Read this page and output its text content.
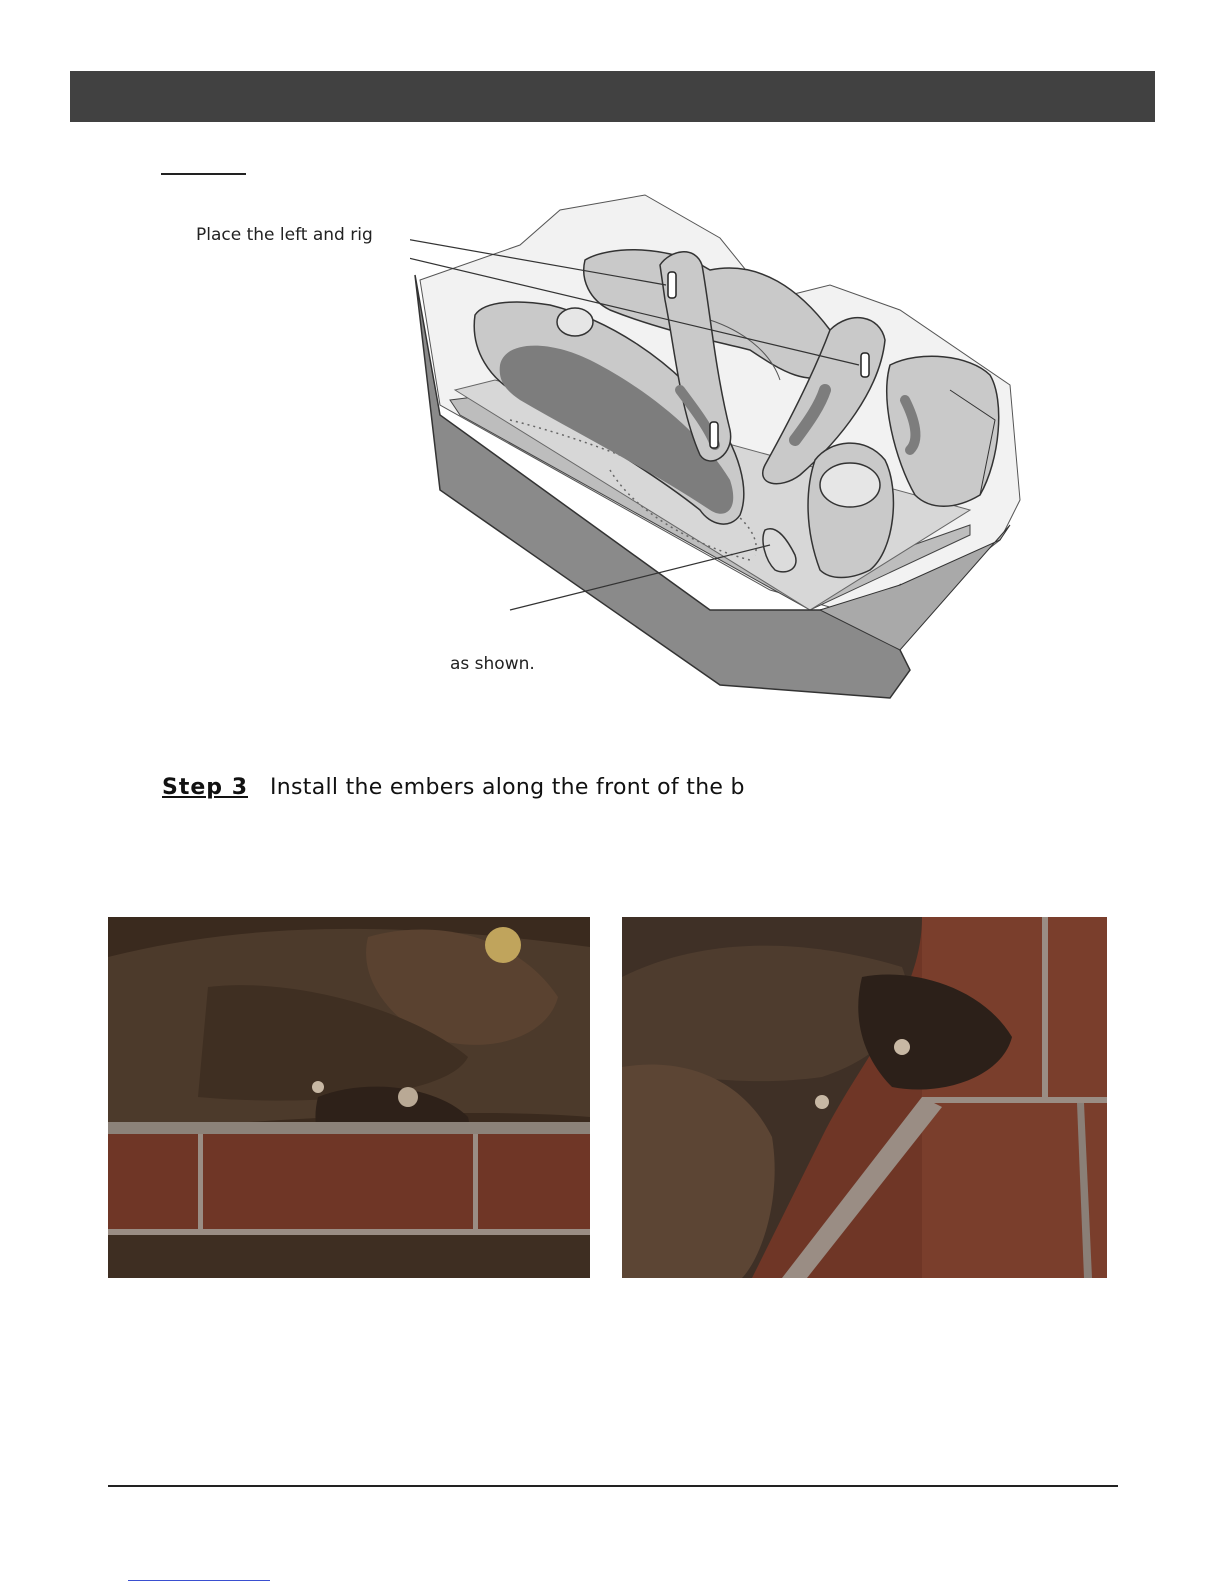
Place the left and rig
as shown.
Step 3 Install the embers along the front of the b
